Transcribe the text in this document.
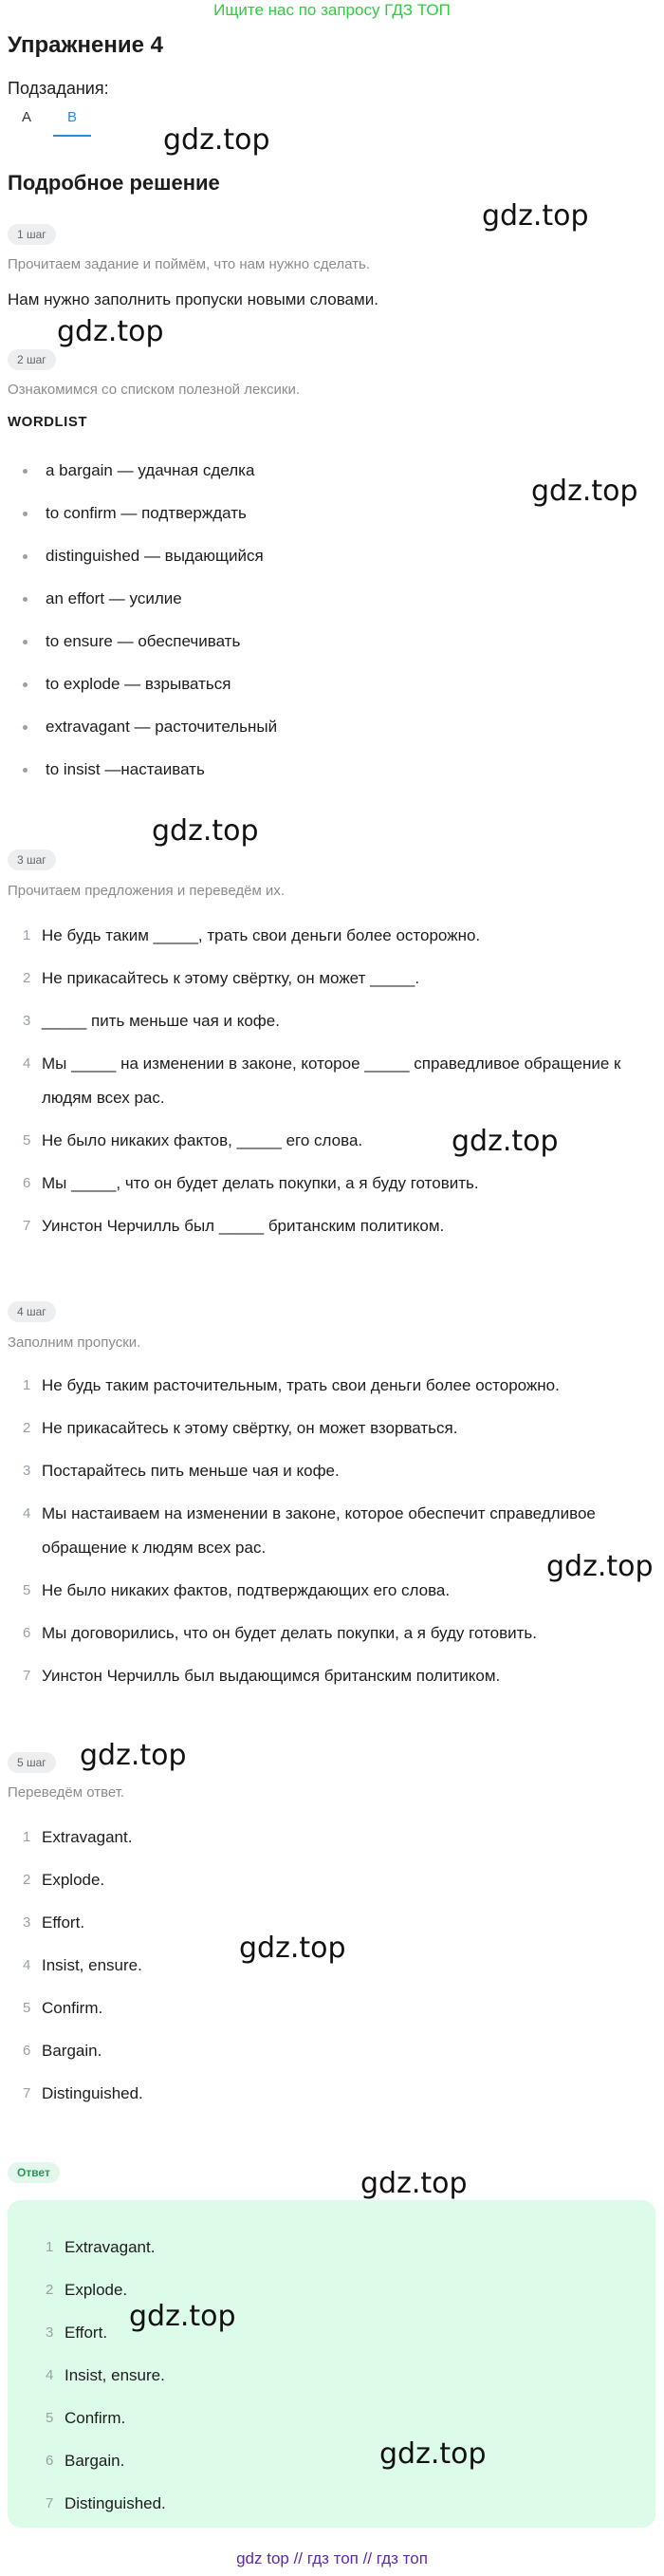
Ищите нас по запросу ГДЗ ТОП
Упражнение 4
Подзадания:
A	B
Подробное решение
1 шаг
Прочитаем задание и поймём, что нам нужно сделать.
Нам нужно заполнить пропуски новыми словами.
2 шаг
Ознакомимся со списком полезной лексики.
WORDLIST
a bargain — удачная сделка
to confirm — подтверждать
distinguished — выдающийся
an effort — усилие
to ensure — обеспечивать
to explode — взрываться
extravagant — расточительный
to insist —настаивать
3 шаг
Прочитаем предложения и переведём их.
1 Не будь таким _____, трать свои деньги более осторожно.
2 Не прикасайтесь к этому свёртку, он может _____.
3 _____ пить меньше чая и кофе.
4 Мы _____ на изменении в законе, которое _____ справедливое обращение к людям всех рас.
5 Не было никаких фактов, _____ его слова.
6 Мы _____, что он будет делать покупки, а я буду готовить.
7 Уинстон Черчилль был _____ британским политиком.
4 шаг
Заполним пропуски.
1 Не будь таким расточительным, трать свои деньги более осторожно.
2 Не прикасайтесь к этому свёртку, он может взорваться.
3 Постарайтесь пить меньше чая и кофе.
4 Мы настаиваем на изменении в законе, которое обеспечит справедливое обращение к людям всех рас.
5 Не было никаких фактов, подтверждающих его слова.
6 Мы договорились, что он будет делать покупки, а я буду готовить.
7 Уинстон Черчилль был выдающимся британским политиком.
5 шаг
Переведём ответ.
1 Extravagant.
2 Explode.
3 Effort.
4 Insist, ensure.
5 Confirm.
6 Bargain.
7 Distinguished.
Ответ
1 Extravagant.
2 Explode.
3 Effort.
4 Insist, ensure.
5 Confirm.
6 Bargain.
7 Distinguished.
gdz.top
gdz.top
gdz.top
gdz.top
gdz.top
gdz.top
gdz.top
gdz.top
gdz.top
gdz.top
gdz.top
gdz.top
gdz top // гдз топ // гдз топ
